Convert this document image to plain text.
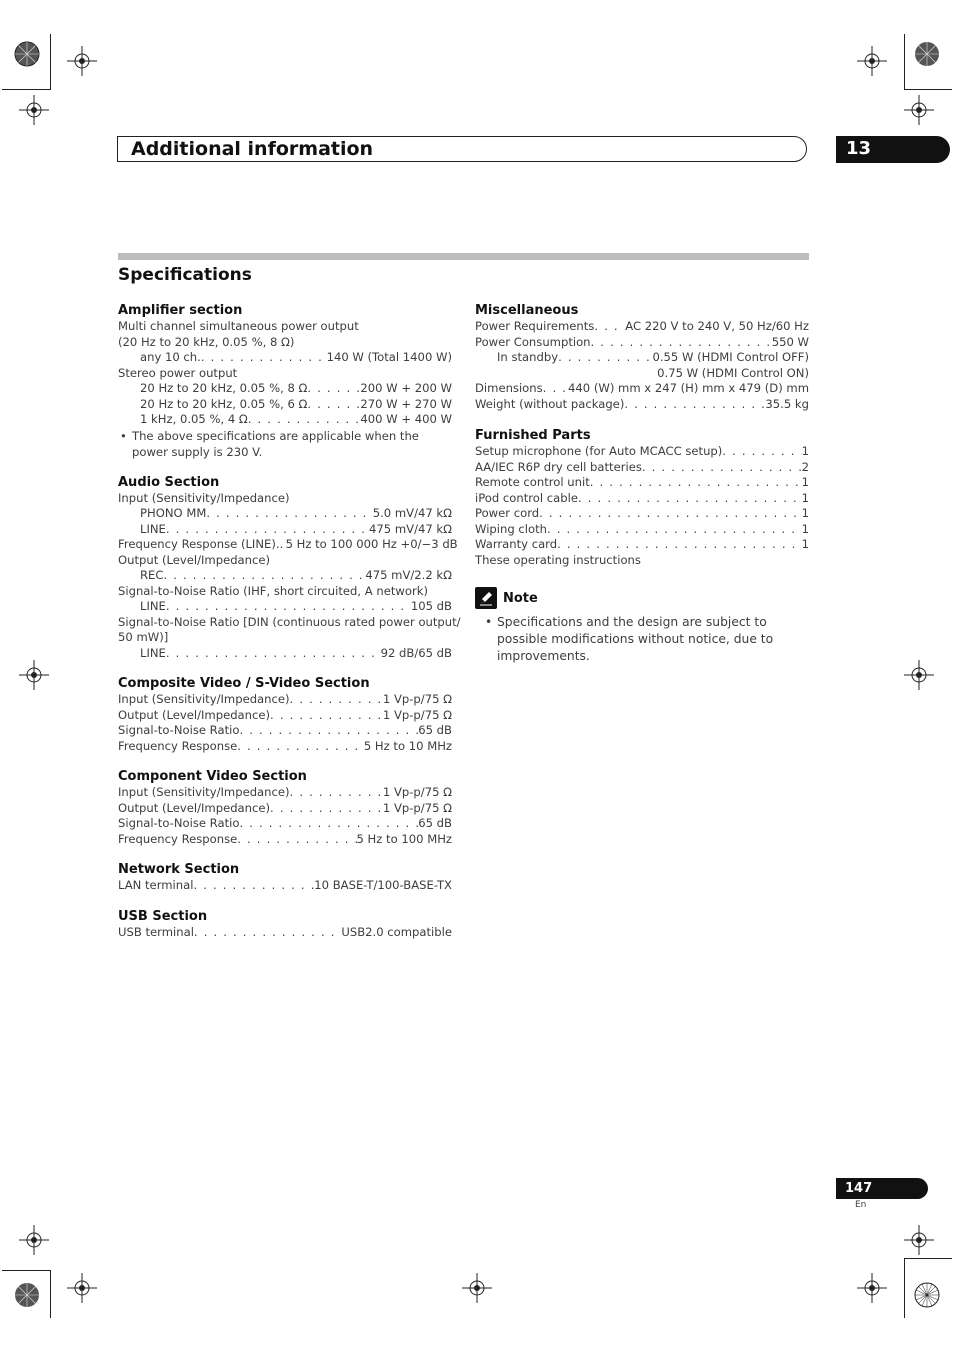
Additional information	13
Specifications
Amplifier section
Multi channel simultaneous power output
(20 Hz to 20 kHz, 0.05 %, 8 Ω)
any 10 ch. . . .	140 W (Total 1400 W)
Stereo power output
20 Hz to 20 kHz, 0.05 %, 8 Ω . . .	200 W + 200 W
20 Hz to 20 kHz, 0.05 %, 6 Ω . . .	270 W + 270 W
1 kHz, 0.05 %, 4 Ω . . .	400 W + 400 W
• The above specifications are applicable when the power supply is 230 V.
Audio Section
Input (Sensitivity/Impedance)
PHONO MM . . .	5.0 mV/47 kΩ
LINE . . .	475 mV/47 kΩ
Frequency Response (LINE). . . . 5 Hz to 100 000 Hz +0/−3 dB
Output (Level/Impedance)
REC . . .	475 mV/2.2 kΩ
Signal-to-Noise Ratio (IHF, short circuited, A network)
LINE . . .	105 dB
Signal-to-Noise Ratio [DIN (continuous rated power output/
50 mW)]
LINE . . .	92 dB/65 dB
Composite Video / S-Video Section
Input (Sensitivity/Impedance) . . .	1 Vp-p/75 Ω
Output (Level/Impedance) . . .	1 Vp-p/75 Ω
Signal-to-Noise Ratio . . .	65 dB
Frequency Response . . .	5 Hz to 10 MHz
Component Video Section
Input (Sensitivity/Impedance) . . .	1 Vp-p/75 Ω
Output (Level/Impedance) . . .	1 Vp-p/75 Ω
Signal-to-Noise Ratio . . .	65 dB
Frequency Response . . .	5 Hz to 100 MHz
Network Section
LAN terminal . . .	10 BASE-T/100-BASE-TX
USB Section
USB terminal . . .	USB2.0 compatible
Miscellaneous
Power Requirements . . .	AC 220 V to 240 V, 50 Hz/60 Hz
Power Consumption . . .	550 W
In standby . . .	0.55 W (HDMI Control OFF)
0.75 W (HDMI Control ON)
Dimensions . . . 440 (W) mm x 247 (H) mm x 479 (D) mm
Weight (without package) . . .	35.5 kg
Furnished Parts
Setup microphone (for Auto MCACC setup) . . .	1
AA/IEC R6P dry cell batteries . . .	2
Remote control unit . . .	1
iPod control cable . . .	1
Power cord . . .	1
Wiping cloth . . .	1
Warranty card . . .	1
These operating instructions
Note
• Specifications and the design are subject to possible modifications without notice, due to improvements.
147
En
